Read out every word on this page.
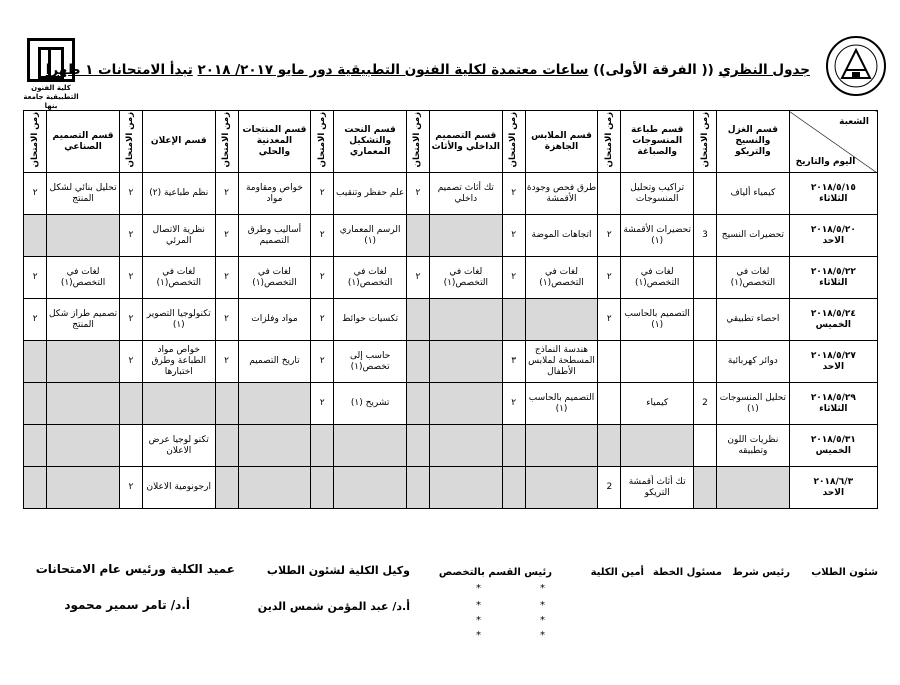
كلية الفنون التطبيقية جامعة بنها
جدول النظري (( الفرقة الأولى)) ساعات معتمدة لكلية الفنون التطبيقية دور مايو ٢٠١٧/ ٢٠١٨ تبدأ الامتحانات ١ ظهرا
الشعبة
اليوم والتاريخ	قسم الغزل والنسيج والتريكو	زمن الامتحان	قسم طباعة المنسوجات والصباغة	زمن الامتحان	قسم الملابس الجاهزة	زمن الامتحان	قسم التصميم الداخلي والأثاث	زمن الامتحان	قسم النحت والتشكيل المعماري	زمن الامتحان	قسم المنتجات المعدنية والحلي	زمن الامتحان	قسم الإعلان	زمن الامتحان	قسم التصميم الصناعي	زمن الامتحان

٢٠١٨/٥/١٥
الثلاثاء	كيمياء ألياف		تراكيب وتحليل المنسوجات		طرق فحص وجودة الأقمشة	٢	تك أثاث تصميم داخلي	٢	علم حفظر وتنقيب	٢	خواص ومقاومة مواد	٢	نظم طباعية (٢)	٢	تحليل بنائي لشكل المنتج	٢

٢٠١٨/٥/٢٠
الاحد	تحضيرات النسيج	3	تحضيرات الأقمشة (١)	٢	اتجاهات الموضة	٢			الرسم المعماري (١)	٢	أساليب وطرق التصميم	٢	نظرية الاتصال المرئي	٢		

٢٠١٨/٥/٢٢
الثلاثاء	لغات في التخصص(١)		لغات في التخصص(١)	٢	لغات في التخصص(١)	٢	لغات في التخصص(١)	٢	لغات في التخصص(١)	٢	لغات في التخصص(١)	٢	لغات في التخصص(١)	٢	لغات في التخصص(١)	٢

٢٠١٨/٥/٢٤
الخميس	احصاء تطبيقي		التصميم بالحاسب (١)	٢					تكسيات حوائط	٢	مواد وفلزات	٢	تكنولوجيا التصوير (١)	٢	تصميم طراز شكل المنتج	٢

٢٠١٨/٥/٢٧
الاحد	دوائر كهربائية				هندسة النماذج المسطحة لملابس الأطفال	٣			حاسب إلى تخصص(١)	٢	تاريخ التصميم	٢	خواص مواد الطباعة وطرق اختبارها	٢		

٢٠١٨/٥/٢٩
الثلاثاء	تحليل المنسوجات (١)	2	كيمياء		التصميم بالحاسب (١)	٢			تشريح (١)	٢						

٢٠١٨/٥/٣١
الخميس	نظريات اللون وتطبيقه												تكنو لوجيا عرض الاعلان			

٢٠١٨/٦/٣
الاحد			تك أثاث أقمشة التريكو	2									ارجونومية الاعلان	٢		
شئون الطلاب
رئيس شرط
مسئول الخطة
أمين الكلية
رئيس القسم بالتخصص
وكيل الكلية لشئون الطلاب
عميد الكلية ورئيس عام الامتحانات
أ.د/ عبد المؤمن شمس الدين
أ.د/ تامر سمير محمود
*
*
*
*
*
*
*
*
